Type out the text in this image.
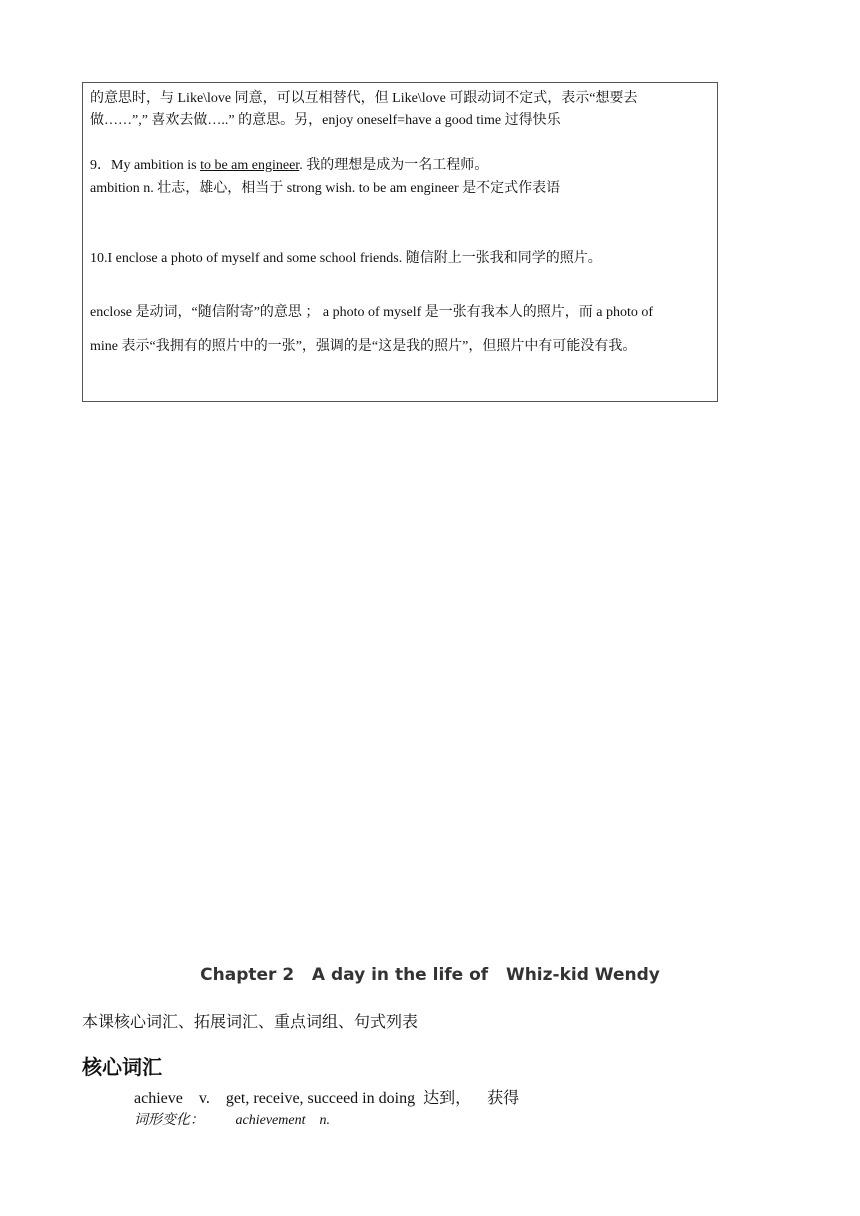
的意思时，与 Like\love 同意，可以互相替代，但 Like\love 可跟动词不定式，表示“想要去
做……”,” 喜欢去做…..” 的意思。另，enjoy oneself=have a good time 过得快乐
9．My ambition is to be am engineer. 我的理想是成为一名工程师。
ambition n. 壮志，雄心，相当于 strong wish. to be am engineer 是不定式作表语
10.I enclose a photo of myself and some school friends. 随信附上一张我和同学的照片。
enclose 是动词，“随信附寄”的意思 ； a photo of myself 是一张有我本人的照片，而 a photo of
mine 表示“我拥有的照片中的一张”，强调的是“这是我的照片”，但照片中有可能没有我。
Chapter 2   A day in the life of   Whiz-kid Wendy
本课核心词汇、拓展词汇、重点词组、句式列表
核心词汇
achieve    v.    get, receive, succeed in doing  达到，    获得
词形变化：         achievement    n.
